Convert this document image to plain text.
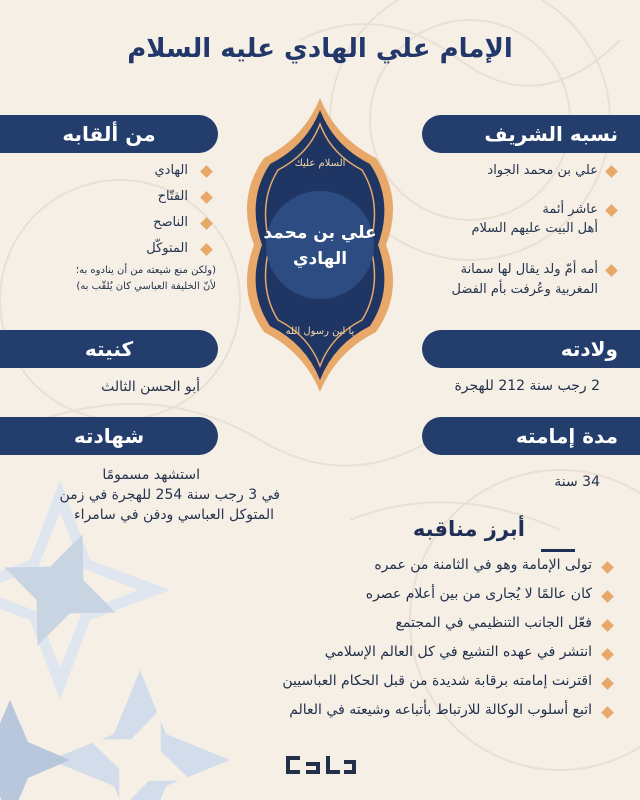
الإمام علي الهادي عليه السلام
السلام عليك
علي بن محمد
الهادي
يا ابن رسول الله
نسبه الشريف
علي بن محمد الجواد
عاشر أئمة
أهل البيت عليهم السلام
أمه أمّ ولد يقال لها سمانة
المغربية وعُرفت بأم الفضل
من ألقابه
الهادي
الفتّاح
الناصح
المتوكّل
(ولكن منع شيعته من أن ينادوه به؛
لأنّ الخليفة العباسي كان يُلقّب به)
كنيته
أبو الحسن الثالث
ولادته
2 رجب سنة 212 للهجرة
شهادته
استشهد مسمومًا
في 3 رجب سنة 254 للهجرة في زمن
المتوكل العباسي ودفن في سامراء
مدة إمامته
34 سنة
أبرز مناقبه
تولى الإمامة وهو في الثامنة من عمره
كان عالمًا لا يُجارى من بين أعلام عصره
فعّل الجانب التنظيمي في المجتمع
انتشر في عهده التشيع في كل العالم الإسلامي
اقترنت إمامته برقابة شديدة من قبل الحكام العباسيين
اتبع أسلوب الوكالة للارتباط بأتباعه وشيعته في العالم
